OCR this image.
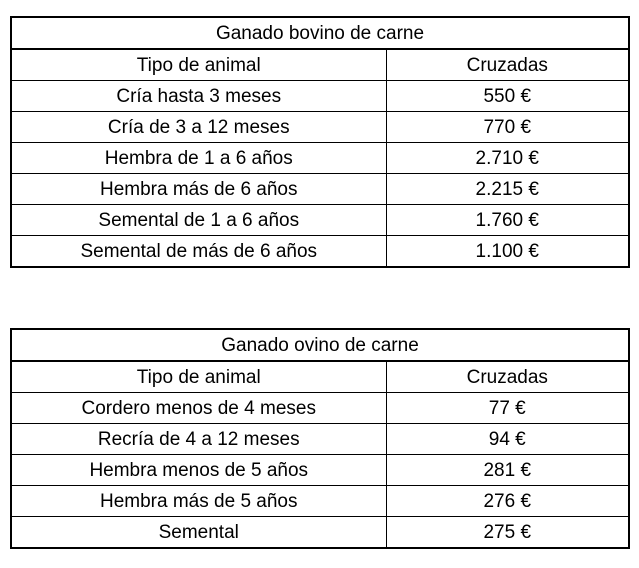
Ganado bovino de carne	
Tipo de animal	Cruzadas
Cría hasta 3 meses	550 €
Cría de 3 a 12 meses	770 €
Hembra de 1 a 6 años	2.710 €
Hembra más de 6 años	2.215 €
Semental de 1 a 6 años	1.760 €
Semental de más de 6 años	1.100 €
Ganado ovino de carne	
Tipo de animal	Cruzadas
Cordero menos de 4 meses	77 €
Recría de 4 a 12 meses	94 €
Hembra menos de 5 años	281 €
Hembra más de 5 años	276 €
Semental	275 €
